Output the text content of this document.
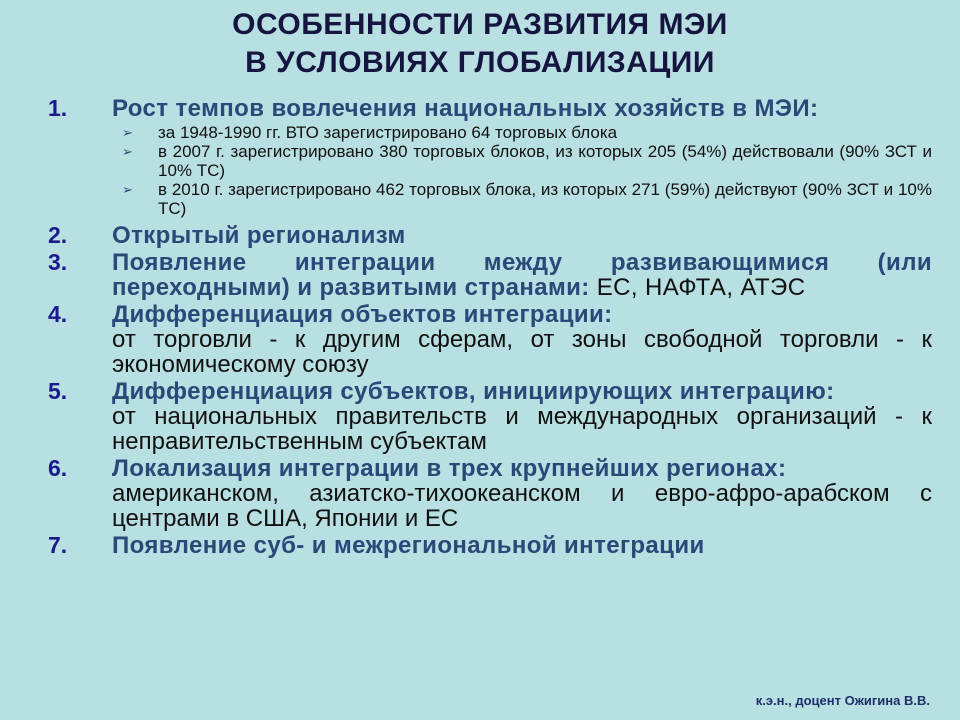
ОСОБЕННОСТИ РАЗВИТИЯ МЭИ
В УСЛОВИЯХ ГЛОБАЛИЗАЦИИ
1.	Рост темпов вовлечения национальных хозяйств в МЭИ:
➢	за 1948-1990 гг. ВТО зарегистрировано 64 торговых блока
➢	в 2007 г. зарегистрировано 380 торговых блоков, из которых 205 (54%) действовали (90% ЗСТ и 10% ТС)
➢	в 2010 г. зарегистрировано 462 торговых блока, из которых 271 (59%) действуют (90% ЗСТ и 10% ТС)
2.	Открытый регионализм
3.	Появление интеграции между развивающимися (или переходными) и развитыми странами: ЕС, НАФТА, АТЭС
4.	Дифференциация объектов интеграции:
от торговли - к другим сферам, от зоны свободной торговли - к экономическому союзу
5.	Дифференциация субъектов, инициирующих интеграцию:
от национальных правительств и международных организаций - к неправительственным субъектам
6.	Локализация интеграции в трех крупнейших регионах:
американском, азиатско-тихоокеанском и евро-афро-арабском с центрами в США, Японии и ЕС
7.	Появление суб- и межрегиональной интеграции
к.э.н., доцент Ожигина В.В.
